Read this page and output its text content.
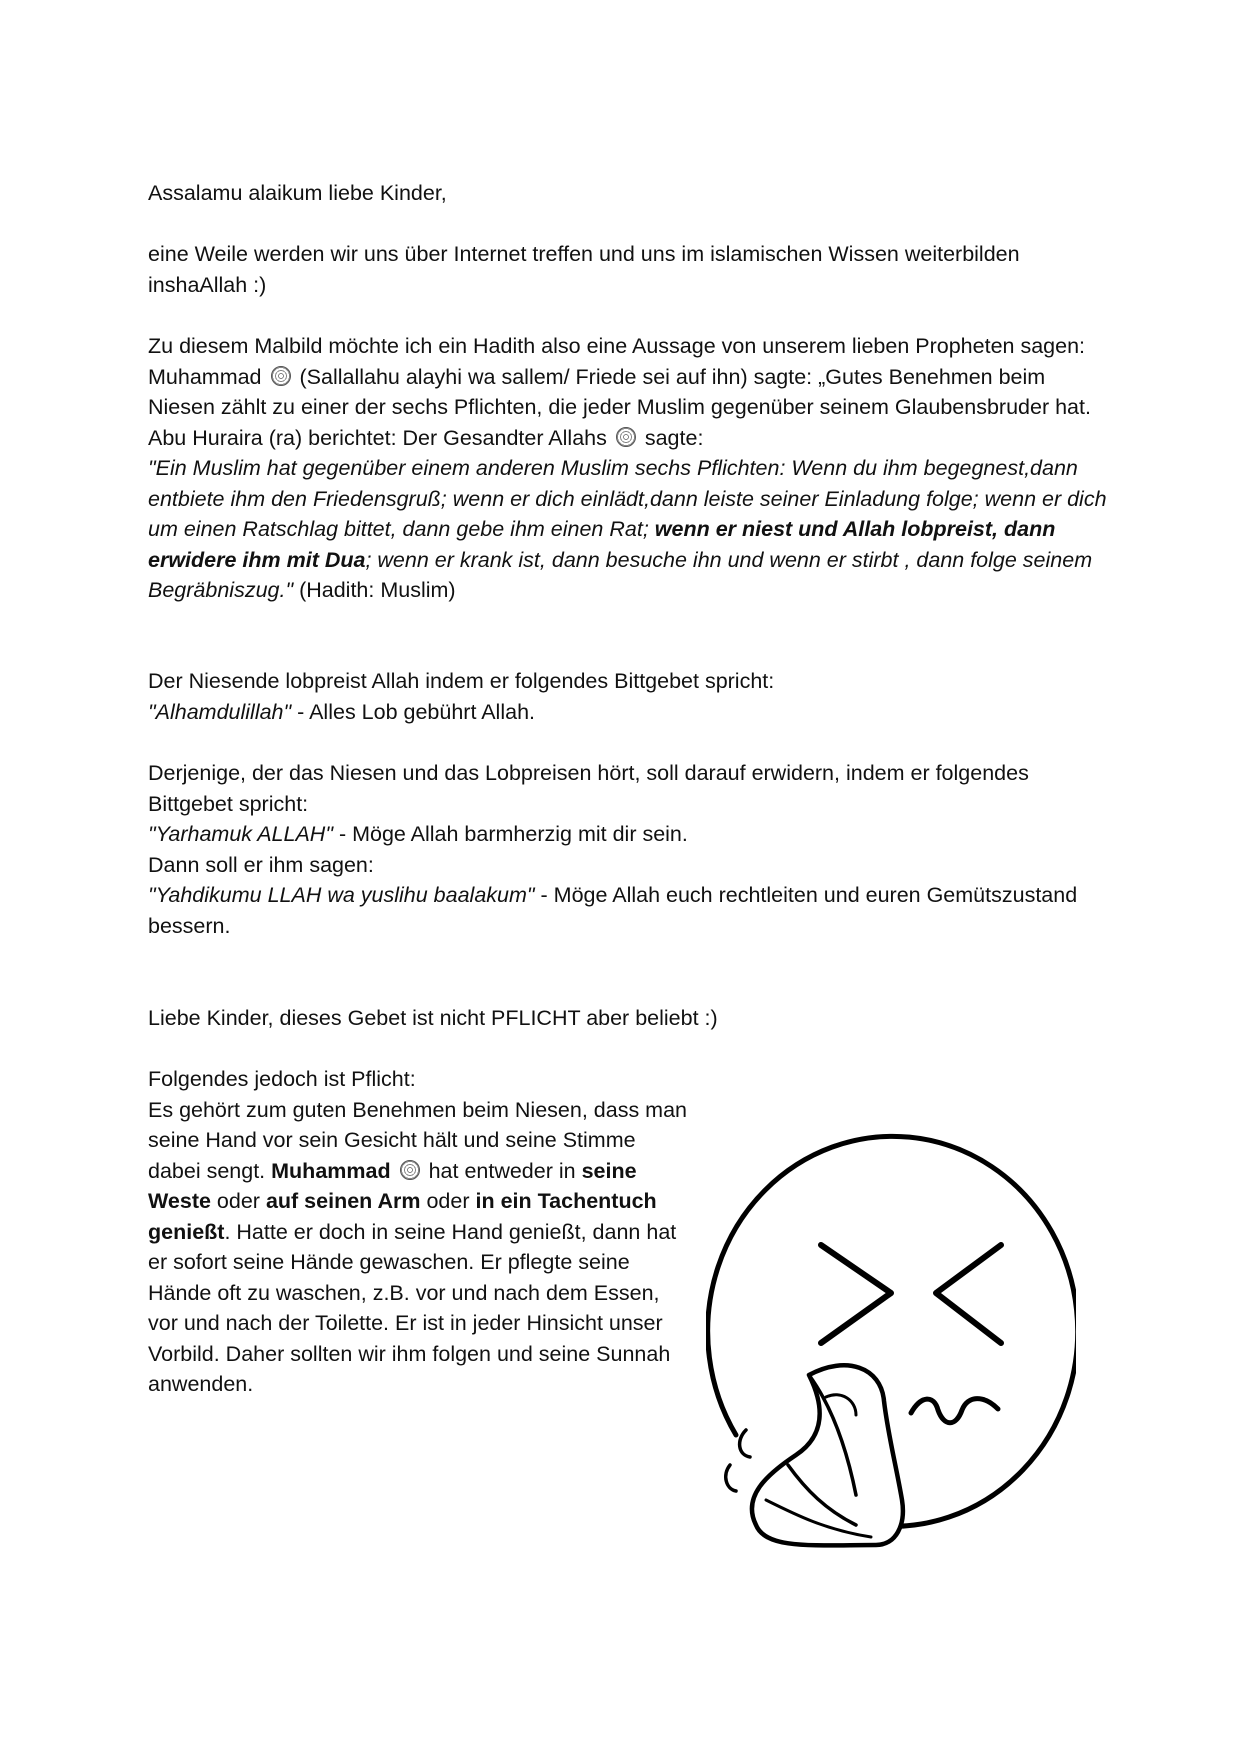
Assalamu alaikum liebe Kinder,

eine Weile werden wir uns über Internet treffen und uns im islamischen Wissen weiterbilden inshaAllah :)

Zu diesem Malbild möchte ich ein Hadith also eine Aussage von unserem lieben Propheten sagen: Muhammad (Sallallahu alayhi wa sallem/ Friede sei auf ihn) sagte: „Gutes Benehmen beim Niesen zählt zu einer der sechs Pflichten, die jeder Muslim gegenüber seinem Glaubensbruder hat.

Abu Huraira (ra) berichtet: Der Gesandter Allahs sagte:

"Ein Muslim hat gegenüber einem anderen Muslim sechs Pflichten: Wenn du ihm begegnest,dann entbiete ihm den Friedensgruß; wenn er dich einlädt,dann leiste seiner Einladung folge; wenn er dich um einen Ratschlag bittet, dann gebe ihm einen Rat; wenn er niest und Allah lobpreist, dann erwidere ihm mit Dua; wenn er krank ist, dann besuche ihn und wenn er stirbt , dann folge seinem Begräbniszug." (Hadith: Muslim)

Der Niesende lobpreist Allah indem er folgendes Bittgebet spricht:

"Alhamdulillah" - Alles Lob gebührt Allah.

Derjenige, der das Niesen und das Lobpreisen hört, soll darauf erwidern, indem er folgendes Bittgebet spricht:

"Yarhamuk ALLAH" - Möge Allah barmherzig mit dir sein.

Dann soll er ihm sagen:

"Yahdikumu LLAH wa yuslihu baalakum" - Möge Allah euch rechtleiten und euren Gemütszustand bessern.

Liebe Kinder, dieses Gebet ist nicht PFLICHT aber beliebt :)

Folgendes jedoch ist Pflicht:

Es gehört zum guten Benehmen beim Niesen, dass man seine Hand vor sein Gesicht hält und seine Stimme dabei sengt. Muhammad hat entweder in seine Weste oder auf seinen Arm oder in ein Tachentuch genießt. Hatte er doch in seine Hand genießt, dann hat er sofort seine Hände gewaschen. Er pflegte seine Hände oft zu waschen, z.B. vor und nach dem Essen, vor und nach der Toilette. Er ist in jeder Hinsicht unser Vorbild. Daher sollten wir ihm folgen und seine Sunnah anwenden.
